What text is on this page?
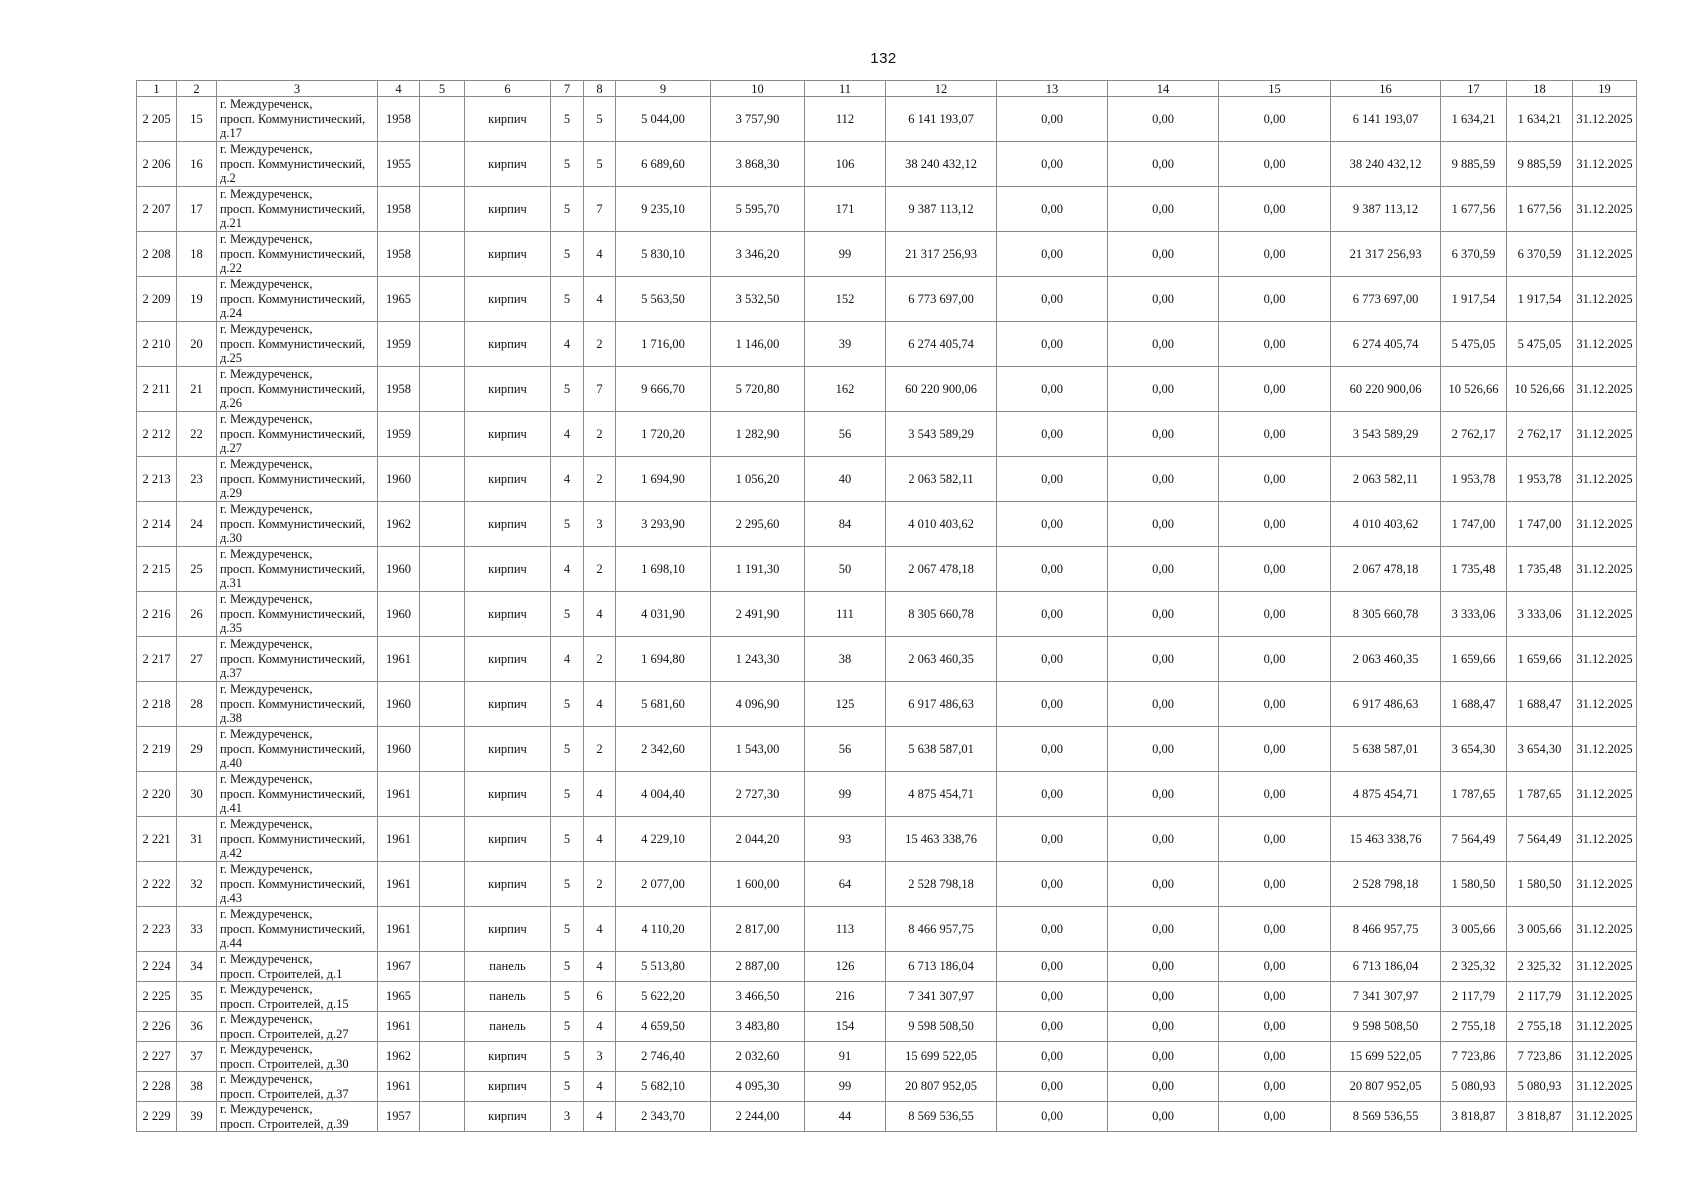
132
1	2	3	4	5	6	7	8	9	10	11	12	13	14	15	16	17	18	19
2 205	15	г. Междуреченск,
просп. Коммунистический,
д.17	1958		кирпич	5	5	5 044,00	3 757,90	112	6 141 193,07	0,00	0,00	0,00	6 141 193,07	1 634,21	1 634,21	31.12.2025
2 206	16	г. Междуреченск,
просп. Коммунистический,
д.2	1955		кирпич	5	5	6 689,60	3 868,30	106	38 240 432,12	0,00	0,00	0,00	38 240 432,12	9 885,59	9 885,59	31.12.2025
2 207	17	г. Междуреченск,
просп. Коммунистический,
д.21	1958		кирпич	5	7	9 235,10	5 595,70	171	9 387 113,12	0,00	0,00	0,00	9 387 113,12	1 677,56	1 677,56	31.12.2025
2 208	18	г. Междуреченск,
просп. Коммунистический,
д.22	1958		кирпич	5	4	5 830,10	3 346,20	99	21 317 256,93	0,00	0,00	0,00	21 317 256,93	6 370,59	6 370,59	31.12.2025
2 209	19	г. Междуреченск,
просп. Коммунистический,
д.24	1965		кирпич	5	4	5 563,50	3 532,50	152	6 773 697,00	0,00	0,00	0,00	6 773 697,00	1 917,54	1 917,54	31.12.2025
2 210	20	г. Междуреченск,
просп. Коммунистический,
д.25	1959		кирпич	4	2	1 716,00	1 146,00	39	6 274 405,74	0,00	0,00	0,00	6 274 405,74	5 475,05	5 475,05	31.12.2025
2 211	21	г. Междуреченск,
просп. Коммунистический,
д.26	1958		кирпич	5	7	9 666,70	5 720,80	162	60 220 900,06	0,00	0,00	0,00	60 220 900,06	10 526,66	10 526,66	31.12.2025
2 212	22	г. Междуреченск,
просп. Коммунистический,
д.27	1959		кирпич	4	2	1 720,20	1 282,90	56	3 543 589,29	0,00	0,00	0,00	3 543 589,29	2 762,17	2 762,17	31.12.2025
2 213	23	г. Междуреченск,
просп. Коммунистический,
д.29	1960		кирпич	4	2	1 694,90	1 056,20	40	2 063 582,11	0,00	0,00	0,00	2 063 582,11	1 953,78	1 953,78	31.12.2025
2 214	24	г. Междуреченск,
просп. Коммунистический,
д.30	1962		кирпич	5	3	3 293,90	2 295,60	84	4 010 403,62	0,00	0,00	0,00	4 010 403,62	1 747,00	1 747,00	31.12.2025
2 215	25	г. Междуреченск,
просп. Коммунистический,
д.31	1960		кирпич	4	2	1 698,10	1 191,30	50	2 067 478,18	0,00	0,00	0,00	2 067 478,18	1 735,48	1 735,48	31.12.2025
2 216	26	г. Междуреченск,
просп. Коммунистический,
д.35	1960		кирпич	5	4	4 031,90	2 491,90	111	8 305 660,78	0,00	0,00	0,00	8 305 660,78	3 333,06	3 333,06	31.12.2025
2 217	27	г. Междуреченск,
просп. Коммунистический,
д.37	1961		кирпич	4	2	1 694,80	1 243,30	38	2 063 460,35	0,00	0,00	0,00	2 063 460,35	1 659,66	1 659,66	31.12.2025
2 218	28	г. Междуреченск,
просп. Коммунистический,
д.38	1960		кирпич	5	4	5 681,60	4 096,90	125	6 917 486,63	0,00	0,00	0,00	6 917 486,63	1 688,47	1 688,47	31.12.2025
2 219	29	г. Междуреченск,
просп. Коммунистический,
д.40	1960		кирпич	5	2	2 342,60	1 543,00	56	5 638 587,01	0,00	0,00	0,00	5 638 587,01	3 654,30	3 654,30	31.12.2025
2 220	30	г. Междуреченск,
просп. Коммунистический,
д.41	1961		кирпич	5	4	4 004,40	2 727,30	99	4 875 454,71	0,00	0,00	0,00	4 875 454,71	1 787,65	1 787,65	31.12.2025
2 221	31	г. Междуреченск,
просп. Коммунистический,
д.42	1961		кирпич	5	4	4 229,10	2 044,20	93	15 463 338,76	0,00	0,00	0,00	15 463 338,76	7 564,49	7 564,49	31.12.2025
2 222	32	г. Междуреченск,
просп. Коммунистический,
д.43	1961		кирпич	5	2	2 077,00	1 600,00	64	2 528 798,18	0,00	0,00	0,00	2 528 798,18	1 580,50	1 580,50	31.12.2025
2 223	33	г. Междуреченск,
просп. Коммунистический,
д.44	1961		кирпич	5	4	4 110,20	2 817,00	113	8 466 957,75	0,00	0,00	0,00	8 466 957,75	3 005,66	3 005,66	31.12.2025
2 224	34	г. Междуреченск,
просп. Строителей, д.1	1967		панель	5	4	5 513,80	2 887,00	126	6 713 186,04	0,00	0,00	0,00	6 713 186,04	2 325,32	2 325,32	31.12.2025
2 225	35	г. Междуреченск,
просп. Строителей, д.15	1965		панель	5	6	5 622,20	3 466,50	216	7 341 307,97	0,00	0,00	0,00	7 341 307,97	2 117,79	2 117,79	31.12.2025
2 226	36	г. Междуреченск,
просп. Строителей, д.27	1961		панель	5	4	4 659,50	3 483,80	154	9 598 508,50	0,00	0,00	0,00	9 598 508,50	2 755,18	2 755,18	31.12.2025
2 227	37	г. Междуреченск,
просп. Строителей, д.30	1962		кирпич	5	3	2 746,40	2 032,60	91	15 699 522,05	0,00	0,00	0,00	15 699 522,05	7 723,86	7 723,86	31.12.2025
2 228	38	г. Междуреченск,
просп. Строителей, д.37	1961		кирпич	5	4	5 682,10	4 095,30	99	20 807 952,05	0,00	0,00	0,00	20 807 952,05	5 080,93	5 080,93	31.12.2025
2 229	39	г. Междуреченск,
просп. Строителей, д.39	1957		кирпич	3	4	2 343,70	2 244,00	44	8 569 536,55	0,00	0,00	0,00	8 569 536,55	3 818,87	3 818,87	31.12.2025
